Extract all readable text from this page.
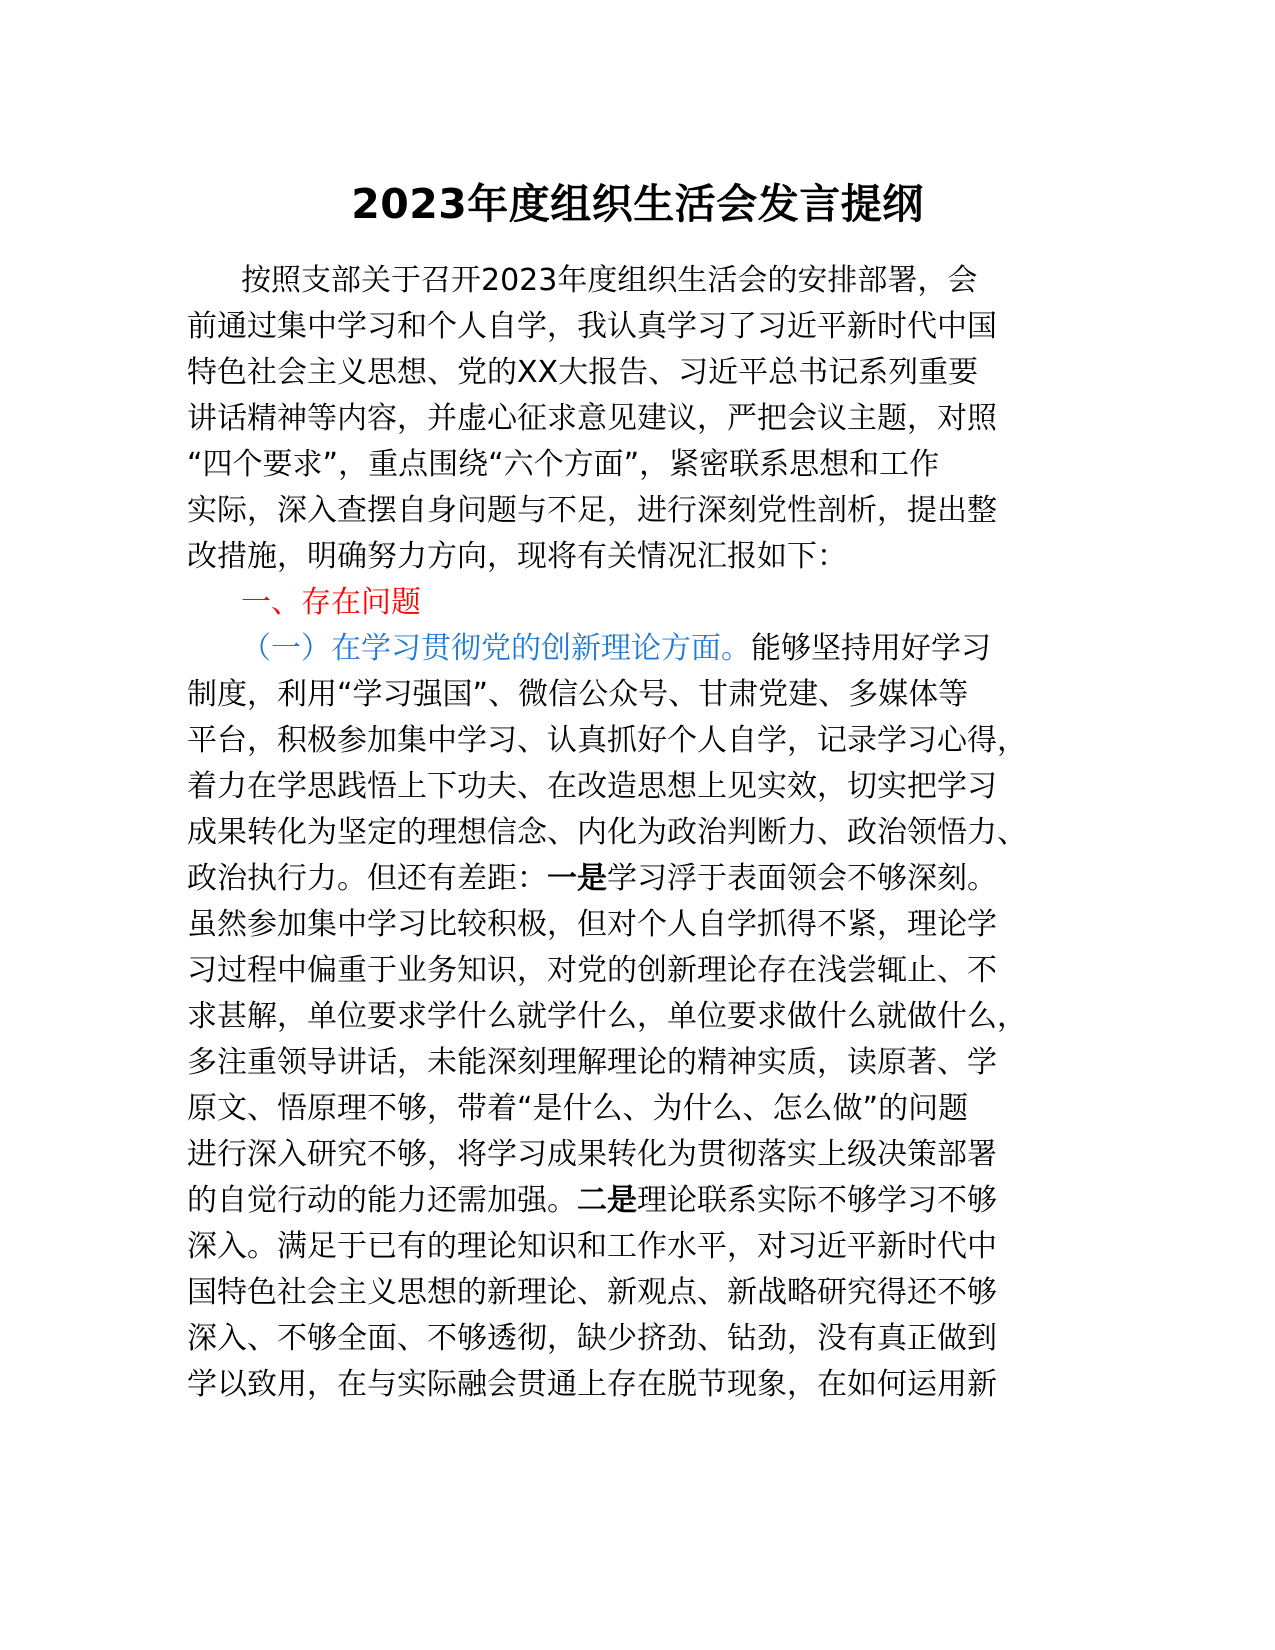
2023年度组织生活会发言提纲
按照支部关于召开2023年度组织生活会的安排部署，会
前通过集中学习和个人自学，我认真学习了习近平新时代中国
特色社会主义思想、党的XX大报告、习近平总书记系列重要
讲话精神等内容，并虚心征求意见建议，严把会议主题，对照
“四个要求”，重点围绕“六个方面”，紧密联系思想和工作
实际，深入查摆自身问题与不足，进行深刻党性剖析，提出整
改措施，明确努力方向，现将有关情况汇报如下：
一、存在问题
（一）在学习贯彻党的创新理论方面。能够坚持用好学习
制度，利用“学习强国”、微信公众号、甘肃党建、多媒体等
平台，积极参加集中学习、认真抓好个人自学，记录学习心得，
着力在学思践悟上下功夫、在改造思想上见实效，切实把学习
成果转化为坚定的理想信念、内化为政治判断力、政治领悟力、
政治执行力。但还有差距：一是学习浮于表面领会不够深刻。
虽然参加集中学习比较积极，但对个人自学抓得不紧，理论学
习过程中偏重于业务知识，对党的创新理论存在浅尝辄止、不
求甚解，单位要求学什么就学什么，单位要求做什么就做什么，
多注重领导讲话，未能深刻理解理论的精神实质，读原著、学
原文、悟原理不够，带着“是什么、为什么、怎么做”的问题
进行深入研究不够，将学习成果转化为贯彻落实上级决策部署
的自觉行动的能力还需加强。二是理论联系实际不够学习不够
深入。满足于已有的理论知识和工作水平，对习近平新时代中
国特色社会主义思想的新理论、新观点、新战略研究得还不够
深入、不够全面、不够透彻，缺少挤劲、钻劲，没有真正做到
学以致用，在与实际融会贯通上存在脱节现象，在如何运用新
